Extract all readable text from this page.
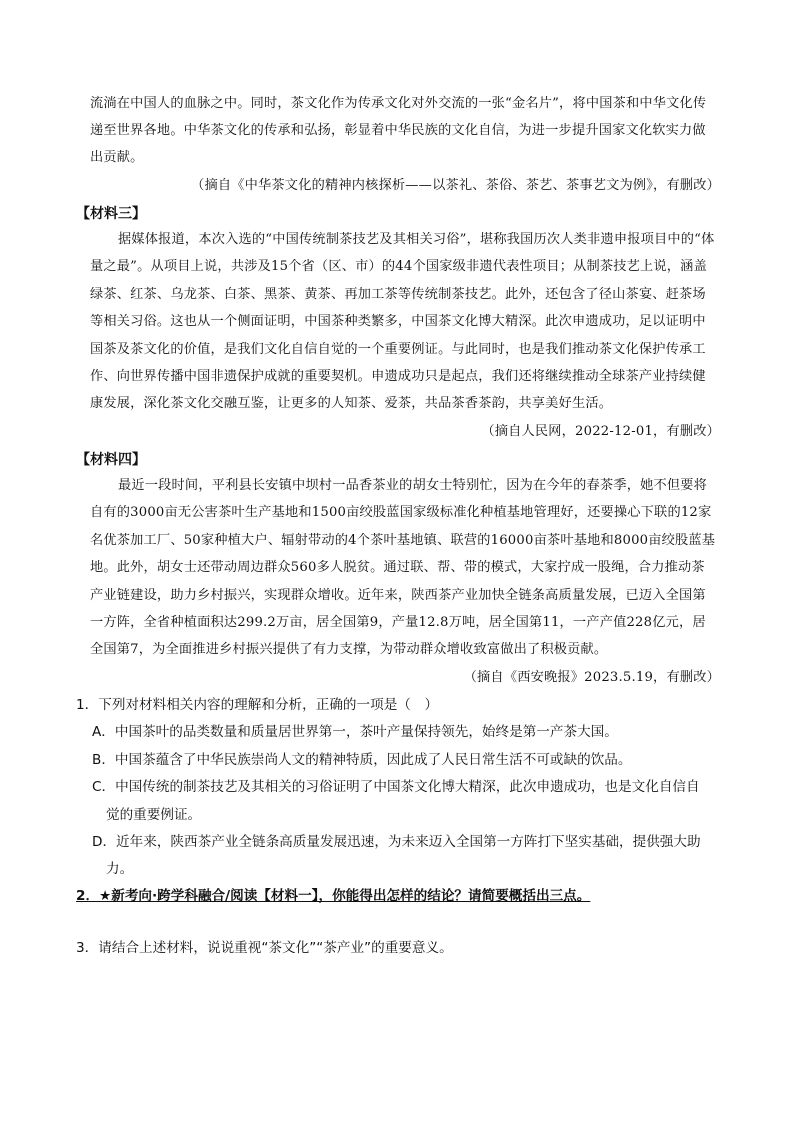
流淌在中国人的血脉之中。同时，茶文化作为传承文化对外交流的一张“金名片”，将中国茶和中华文化传
递至世界各地。中华茶文化的传承和弘扬，彰显着中华民族的文化自信，为进一步提升国家文化软实力做
出贡献。
（摘自《中华茶文化的精神内核探析——以茶礼、茶俗、茶艺、茶事艺文为例》，有删改）
【材料三】
据媒体报道，本次入选的“中国传统制茶技艺及其相关习俗”，堪称我国历次人类非遗申报项目中的“体
量之最”。从项目上说，共涉及15个省（区、市）的44个国家级非遗代表性项目；从制茶技艺上说，涵盖
绿茶、红茶、乌龙茶、白茶、黑茶、黄茶、再加工茶等传统制茶技艺。此外，还包含了径山茶宴、赶茶场
等相关习俗。这也从一个侧面证明，中国茶种类繁多，中国茶文化博大精深。此次申遗成功，足以证明中
国茶及茶文化的价值，是我们文化自信自觉的一个重要例证。与此同时，也是我们推动茶文化保护传承工
作、向世界传播中国非遗保护成就的重要契机。申遗成功只是起点，我们还将继续推动全球茶产业持续健
康发展，深化茶文化交融互鉴，让更多的人知茶、爱茶，共品茶香茶韵，共享美好生活。
（摘自人民网，2022-12-01，有删改）
【材料四】
最近一段时间，平利县长安镇中坝村一品香茶业的胡女士特别忙，因为在今年的春茶季，她不但要将
自有的3000亩无公害茶叶生产基地和1500亩绞股蓝国家级标准化种植基地管理好，还要操心下联的12家
名优茶加工厂、50家种植大户、辐射带动的4个茶叶基地镇、联营的16000亩茶叶基地和8000亩绞股蓝基
地。此外，胡女士还带动周边群众560多人脱贫。通过联、帮、带的模式，大家拧成一股绳，合力推动茶
产业链建设，助力乡村振兴，实现群众增收。近年来，陕西茶产业加快全链条高质量发展，已迈入全国第
一方阵，全省种植面积达299.2万亩，居全国第9，产量12.8万吨，居全国第11，一产产值228亿元，居
全国第7，为全面推进乡村振兴提供了有力支撑，为带动群众增收致富做出了积极贡献。
（摘自《西安晚报》2023.5.19，有删改）
1．下列对材料相关内容的理解和分析，正确的一项是（　）
A．中国茶叶的品类数量和质量居世界第一，茶叶产量保持领先，始终是第一产茶大国。
B．中国茶蕴含了中华民族崇尚人文的精神特质，因此成了人民日常生活不可或缺的饮品。
C．中国传统的制茶技艺及其相关的习俗证明了中国茶文化博大精深，此次申遗成功，也是文化自信自
觉的重要例证。
D．近年来，陕西茶产业全链条高质量发展迅速，为未来迈入全国第一方阵打下坚实基础，提供强大助
力。
2．★新考向·跨学科融合/阅读【材料一】，你能得出怎样的结论？请简要概括出三点。
3．请结合上述材料，说说重视“茶文化”“茶产业”的重要意义。
